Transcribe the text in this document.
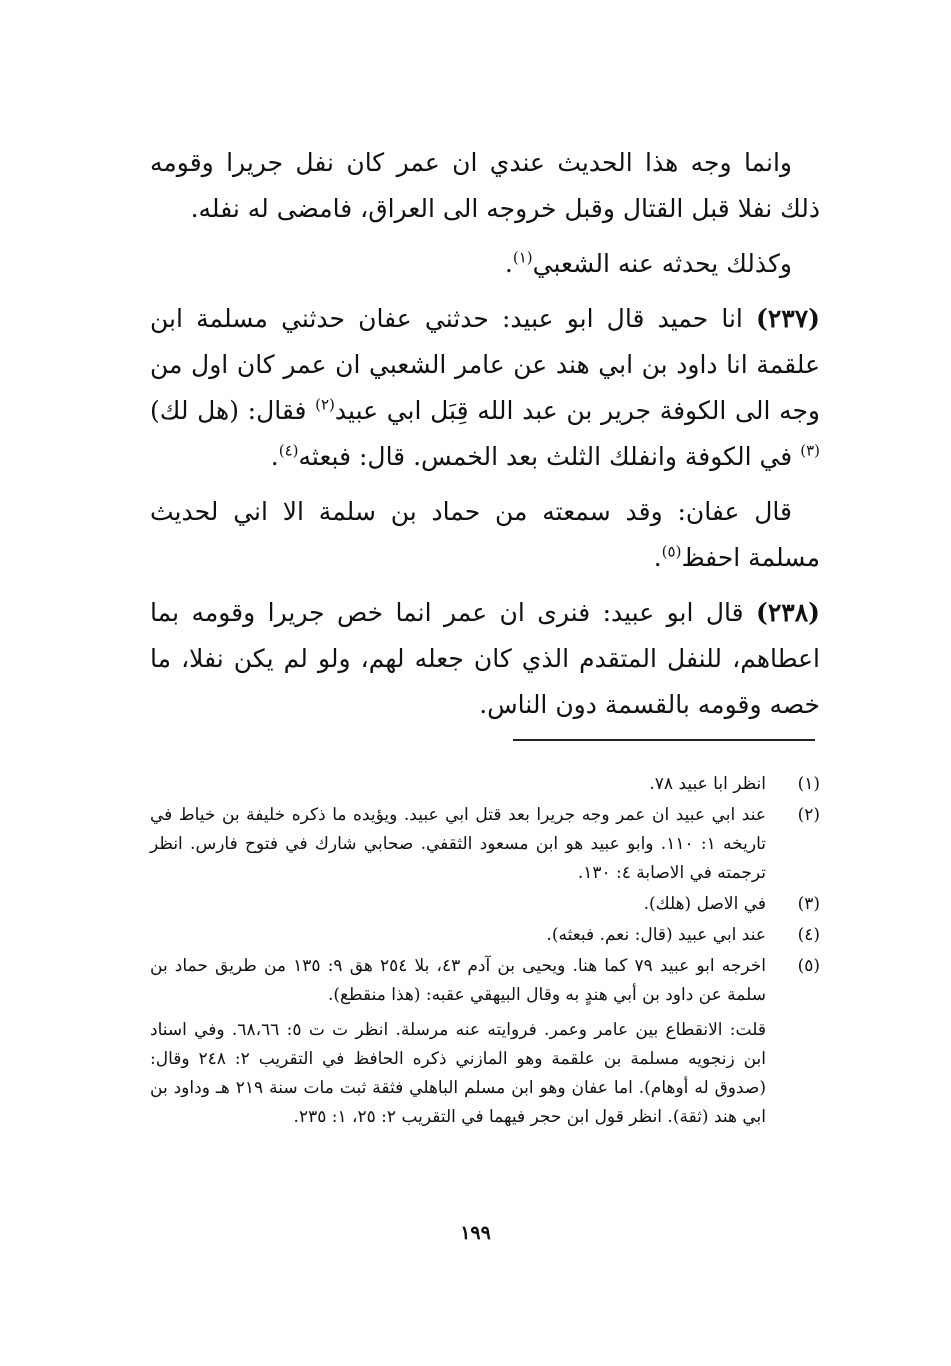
وانما وجه هذا الحديث عندي ان عمر كان نفل جريرا وقومه ذلك نفلا قبل القتال وقبل خروجه الى العراق، فامضى له نفله.

وكذلك يحدثه عنه الشعبي$^{(١)}$.

(٢٣٧) انا حميد قال ابو عبيد: حدثني عفان حدثني مسلمة ابن علقمة انا داود بن ابي هند عن عامر الشعبي ان عمر كان اول من وجه الى الكوفة جرير بن عبد الله قِبَل ابي عبيد$^{(٢)}$ فقال: (هل لك)$^{(٣)}$ في الكوفة وانفلك الثلث بعد الخمس. قال: فبعثه$^{(٤)}$.

قال عفان: وقد سمعته من حماد بن سلمة الا اني لحديث مسلمة احفظ$^{(٥)}$.

(٢٣٨) قال ابو عبيد: فنرى ان عمر انما خص جريرا وقومه بما اعطاهم، للنفل المتقدم الذي كان جعله لهم، ولو لم يكن نفلا، ما خصه وقومه بالقسمة دون الناس.

(١)
انظر ابا عبيد ٧٨.
(٢)
عند ابي عبيد ان عمر وجه جريرا بعد قتل ابي عبيد. ويؤيده ما ذكره خليفة بن خياط في تاريخه ١: ١١٠. وابو عبيد هو ابن مسعود الثقفي. صحابي شارك في فتوح فارس. انظر ترجمته في الاصابة ٤: ١٣٠.
(٣)
في الاصل (هلك).
(٤)
عند ابي عبيد (قال: نعم. فبعثه).
(٥)
اخرجه ابو عبيد ٧٩ كما هنا. ويحيى بن آدم ٤٣، بلا ٢٥٤ هق ٩: ١٣٥ من طريق حماد بن سلمة عن داود بن أبي هندٍ به وقال البيهقي عقبه: (هذا منقطع).
قلت: الانقطاع بين عامر وعمر. فروايته عنه مرسلة. انظر ت ت ٥: ٦٨،٦٦. وفي اسناد ابن زنجويه مسلمة بن علقمة وهو المازني ذكره الحافظ في التقريب ٢: ٢٤٨ وقال: (صدوق له أوهام). اما عفان وهو ابن مسلم الباهلي فثقة ثبت مات سنة ٢١٩ هـ وداود بن ابي هند (ثقة). انظر قول ابن حجر فيهما في التقريب ٢: ٢٥، ١: ٢٣٥.
١٩٩
